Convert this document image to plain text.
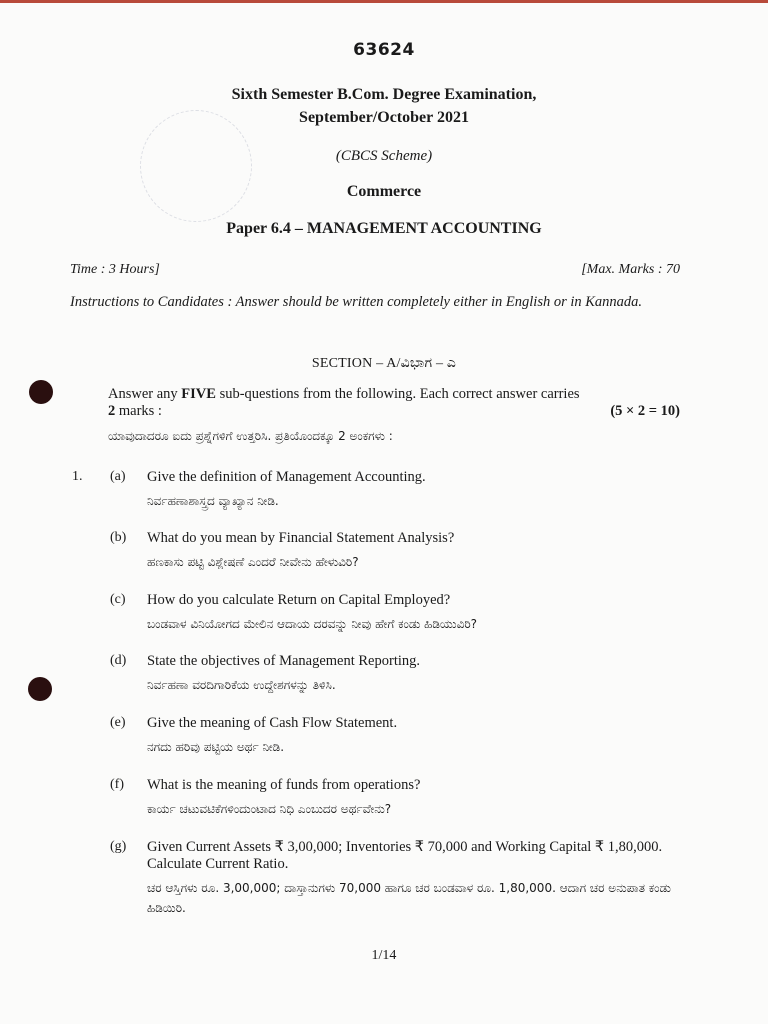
63624
Sixth Semester B.Com. Degree Examination,
September/October 2021
(CBCS Scheme)
Commerce
Paper 6.4 – MANAGEMENT ACCOUNTING
Time : 3 Hours]	[Max. Marks : 70
Instructions to Candidates : Answer should be written completely either in English or in Kannada.
SECTION – A/ವಿಭಾಗ – ಎ
Answer any FIVE sub-questions from the following. Each correct answer carries
2 marks :	(5 × 2 = 10)
ಯಾವುದಾದರೂ ಐದು ಪ್ರಶ್ನೆಗಳಿಗೆ ಉತ್ತರಿಸಿ. ಪ್ರತಿಯೊಂದಕ್ಕೂ 2 ಅಂಕಗಳು :
1. (a) Give the definition of Management Accounting.
ನಿರ್ವಹಣಾಶಾಸ್ತ್ರದ ವ್ಯಾಖ್ಯಾನ ನೀಡಿ.
(b) What do you mean by Financial Statement Analysis?
ಹಣಕಾಸು ಪಟ್ಟಿ ವಿಶ್ಲೇಷಣೆ ಎಂದರೆ ನೀವೇನು ಹೇಳುವಿರಿ?
(c) How do you calculate Return on Capital Employed?
ಬಂಡವಾಳ ವಿನಿಯೋಗದ ಮೇಲಿನ ಆದಾಯ ದರವನ್ನು ನೀವು ಹೇಗೆ ಕಂಡು ಹಿಡಿಯುವಿರಿ?
(d) State the objectives of Management Reporting.
ನಿರ್ವಹಣಾ ವರದಿಗಾರಿಕೆಯ ಉದ್ದೇಶಗಳನ್ನು ತಿಳಿಸಿ.
(e) Give the meaning of Cash Flow Statement.
ನಗದು ಹರಿವು ಪಟ್ಟಿಯ ಅರ್ಥ ನೀಡಿ.
(f) What is the meaning of funds from operations?
ಕಾರ್ಯ ಚಟುವಟಿಕೆಗಳಿಂದುಂಟಾದ ನಿಧಿ ಎಂಬುದರ ಅರ್ಥವೇನು?
(g) Given Current Assets ₹ 3,00,000; Inventories ₹ 70,000 and Working Capital ₹ 1,80,000. Calculate Current Ratio.
ಚರ ಆಸ್ತಿಗಳು ರೂ. 3,00,000; ದಾಸ್ತಾನುಗಳು 70,000 ಹಾಗೂ ಚರ ಬಂಡವಾಳ ರೂ. 1,80,000. ಆದಾಗ ಚರ ಅನುಪಾತ ಕಂಡು ಹಿಡಿಯಿರಿ.
1/14
